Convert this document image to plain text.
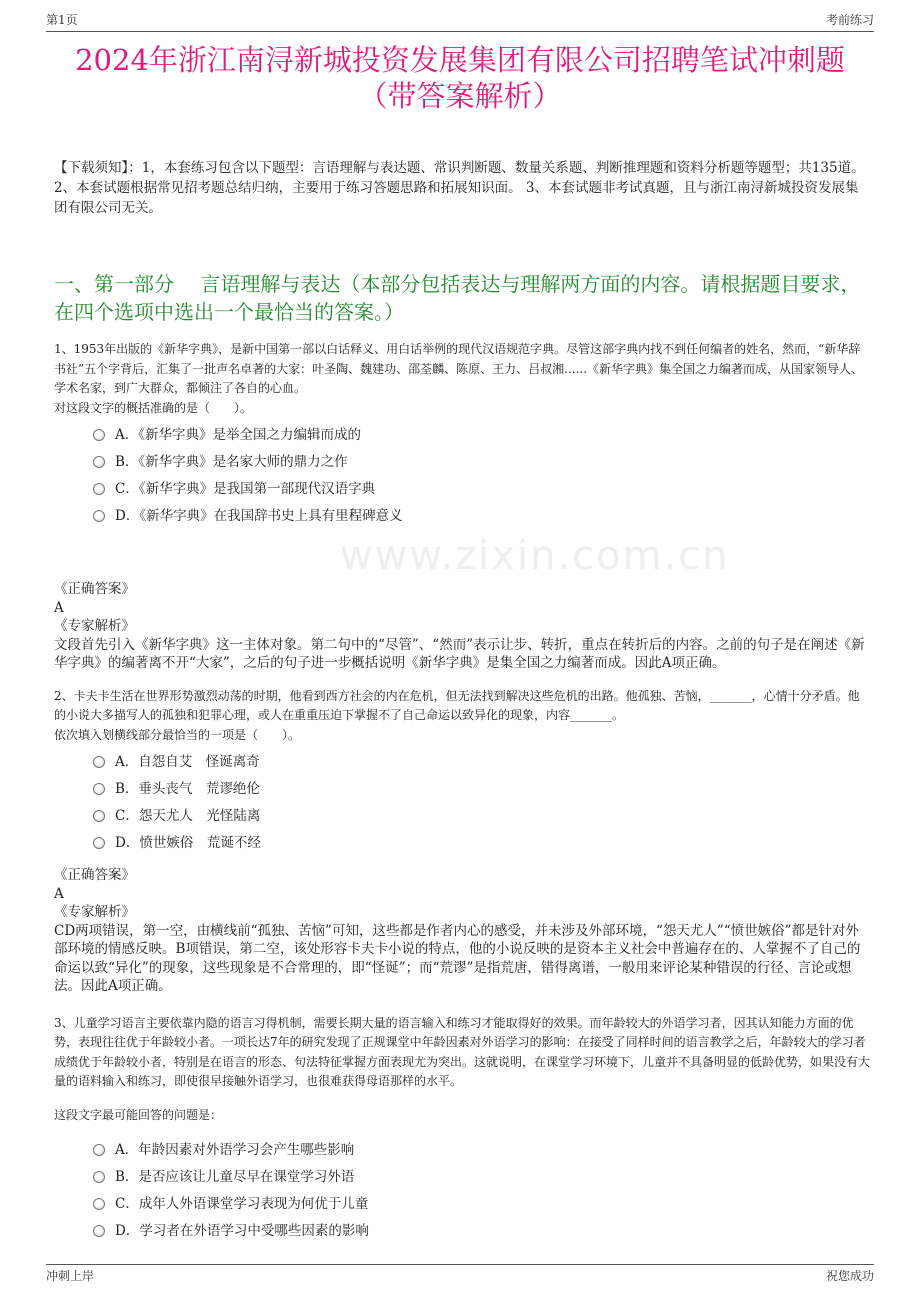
第1页	考前练习
2024年浙江南浔新城投资发展集团有限公司招聘笔试冲刺题
（带答案解析）
【下载须知】：1，本套练习包含以下题型：言语理解与表达题、常识判断题、数量关系题、判断推理题和资料分析题等题型；共135道。 2、本套试题根据常见招考题总结归纳，主要用于练习答题思路和拓展知识面。 3、本套试题非考试真题，且与浙江南浔新城投资发展集团有限公司无关。
一、第一部分　 言语理解与表达（本部分包括表达与理解两方面的内容。请根据题目要求，在四个选项中选出一个最恰当的答案。）
1、1953年出版的《新华字典》，是新中国第一部以白话释义、用白话举例的现代汉语规范字典。尽管这部字典内找不到任何编者的姓名，然而，“新华辞书社”五个字背后，汇集了一批声名卓著的大家：叶圣陶、魏建功、邵荃麟、陈原、王力、吕叔湘......《新华字典》集全国之力编著而成，从国家领导人、学术名家，到广大群众，都倾注了各自的心血。
对这段文字的概括准确的是（　　）。
A．《新华字典》是举全国之力编辑而成的
B．《新华字典》是名家大师的鼎力之作
C．《新华字典》是我国第一部现代汉语字典
D．《新华字典》在我国辞书史上具有里程碑意义
www.zixin.com.cn
《正确答案》
A
《专家解析》
文段首先引入《新华字典》这一主体对象。第二句中的“尽管”、“然而”表示让步、转折，重点在转折后的内容。之前的句子是在阐述《新华字典》的编著离不开“大家”，之后的句子进一步概括说明《新华字典》是集全国之力编著而成。因此A项正确。
2、卡夫卡生活在世界形势激烈动荡的时期，他看到西方社会的内在危机，但无法找到解决这些危机的出路。他孤独、苦恼，_______，心情十分矛盾。他的小说大多描写人的孤独和犯罪心理，或人在重重压迫下掌握不了自己命运以致异化的现象，内容_______。
依次填入划横线部分最恰当的一项是（　　）。
A．自怨自艾　怪诞离奇
B．垂头丧气　荒谬绝伦
C．怨天尤人　光怪陆离
D．愤世嫉俗　荒诞不经
《正确答案》
A
《专家解析》
CD两项错误，第一空，由横线前“孤独、苦恼”可知，这些都是作者内心的感受，并未涉及外部环境，“怨天尤人”“愤世嫉俗”都是针对外部环境的情感反映。B项错误，第二空，该处形容卡夫卡小说的特点，他的小说反映的是资本主义社会中普遍存在的、人掌握不了自己的命运以致“异化”的现象，这些现象是不合常理的，即“怪诞”；而“荒谬”是指荒唐，错得离谱，一般用来评论某种错误的行径、言论或想法。因此A项正确。
3、儿童学习语言主要依靠内隐的语言习得机制，需要长期大量的语言输入和练习才能取得好的效果。而年龄较大的外语学习者，因其认知能力方面的优势，表现往往优于年龄较小者。一项长达7年的研究发现了正规课堂中年龄因素对外语学习的影响：在接受了同样时间的语言教学之后，年龄较大的学习者成绩优于年龄较小者，特别是在语言的形态、句法特征掌握方面表现尤为突出。这就说明，在课堂学习环境下，儿童并不具备明显的低龄优势，如果没有大量的语料输入和练习，即使很早接触外语学习，也很难获得母语那样的水平。
这段文字最可能回答的问题是：
A．年龄因素对外语学习会产生哪些影响
B．是否应该让儿童尽早在课堂学习外语
C．成年人外语课堂学习表现为何优于儿童
D．学习者在外语学习中受哪些因素的影响
冲刺上岸	祝您成功
